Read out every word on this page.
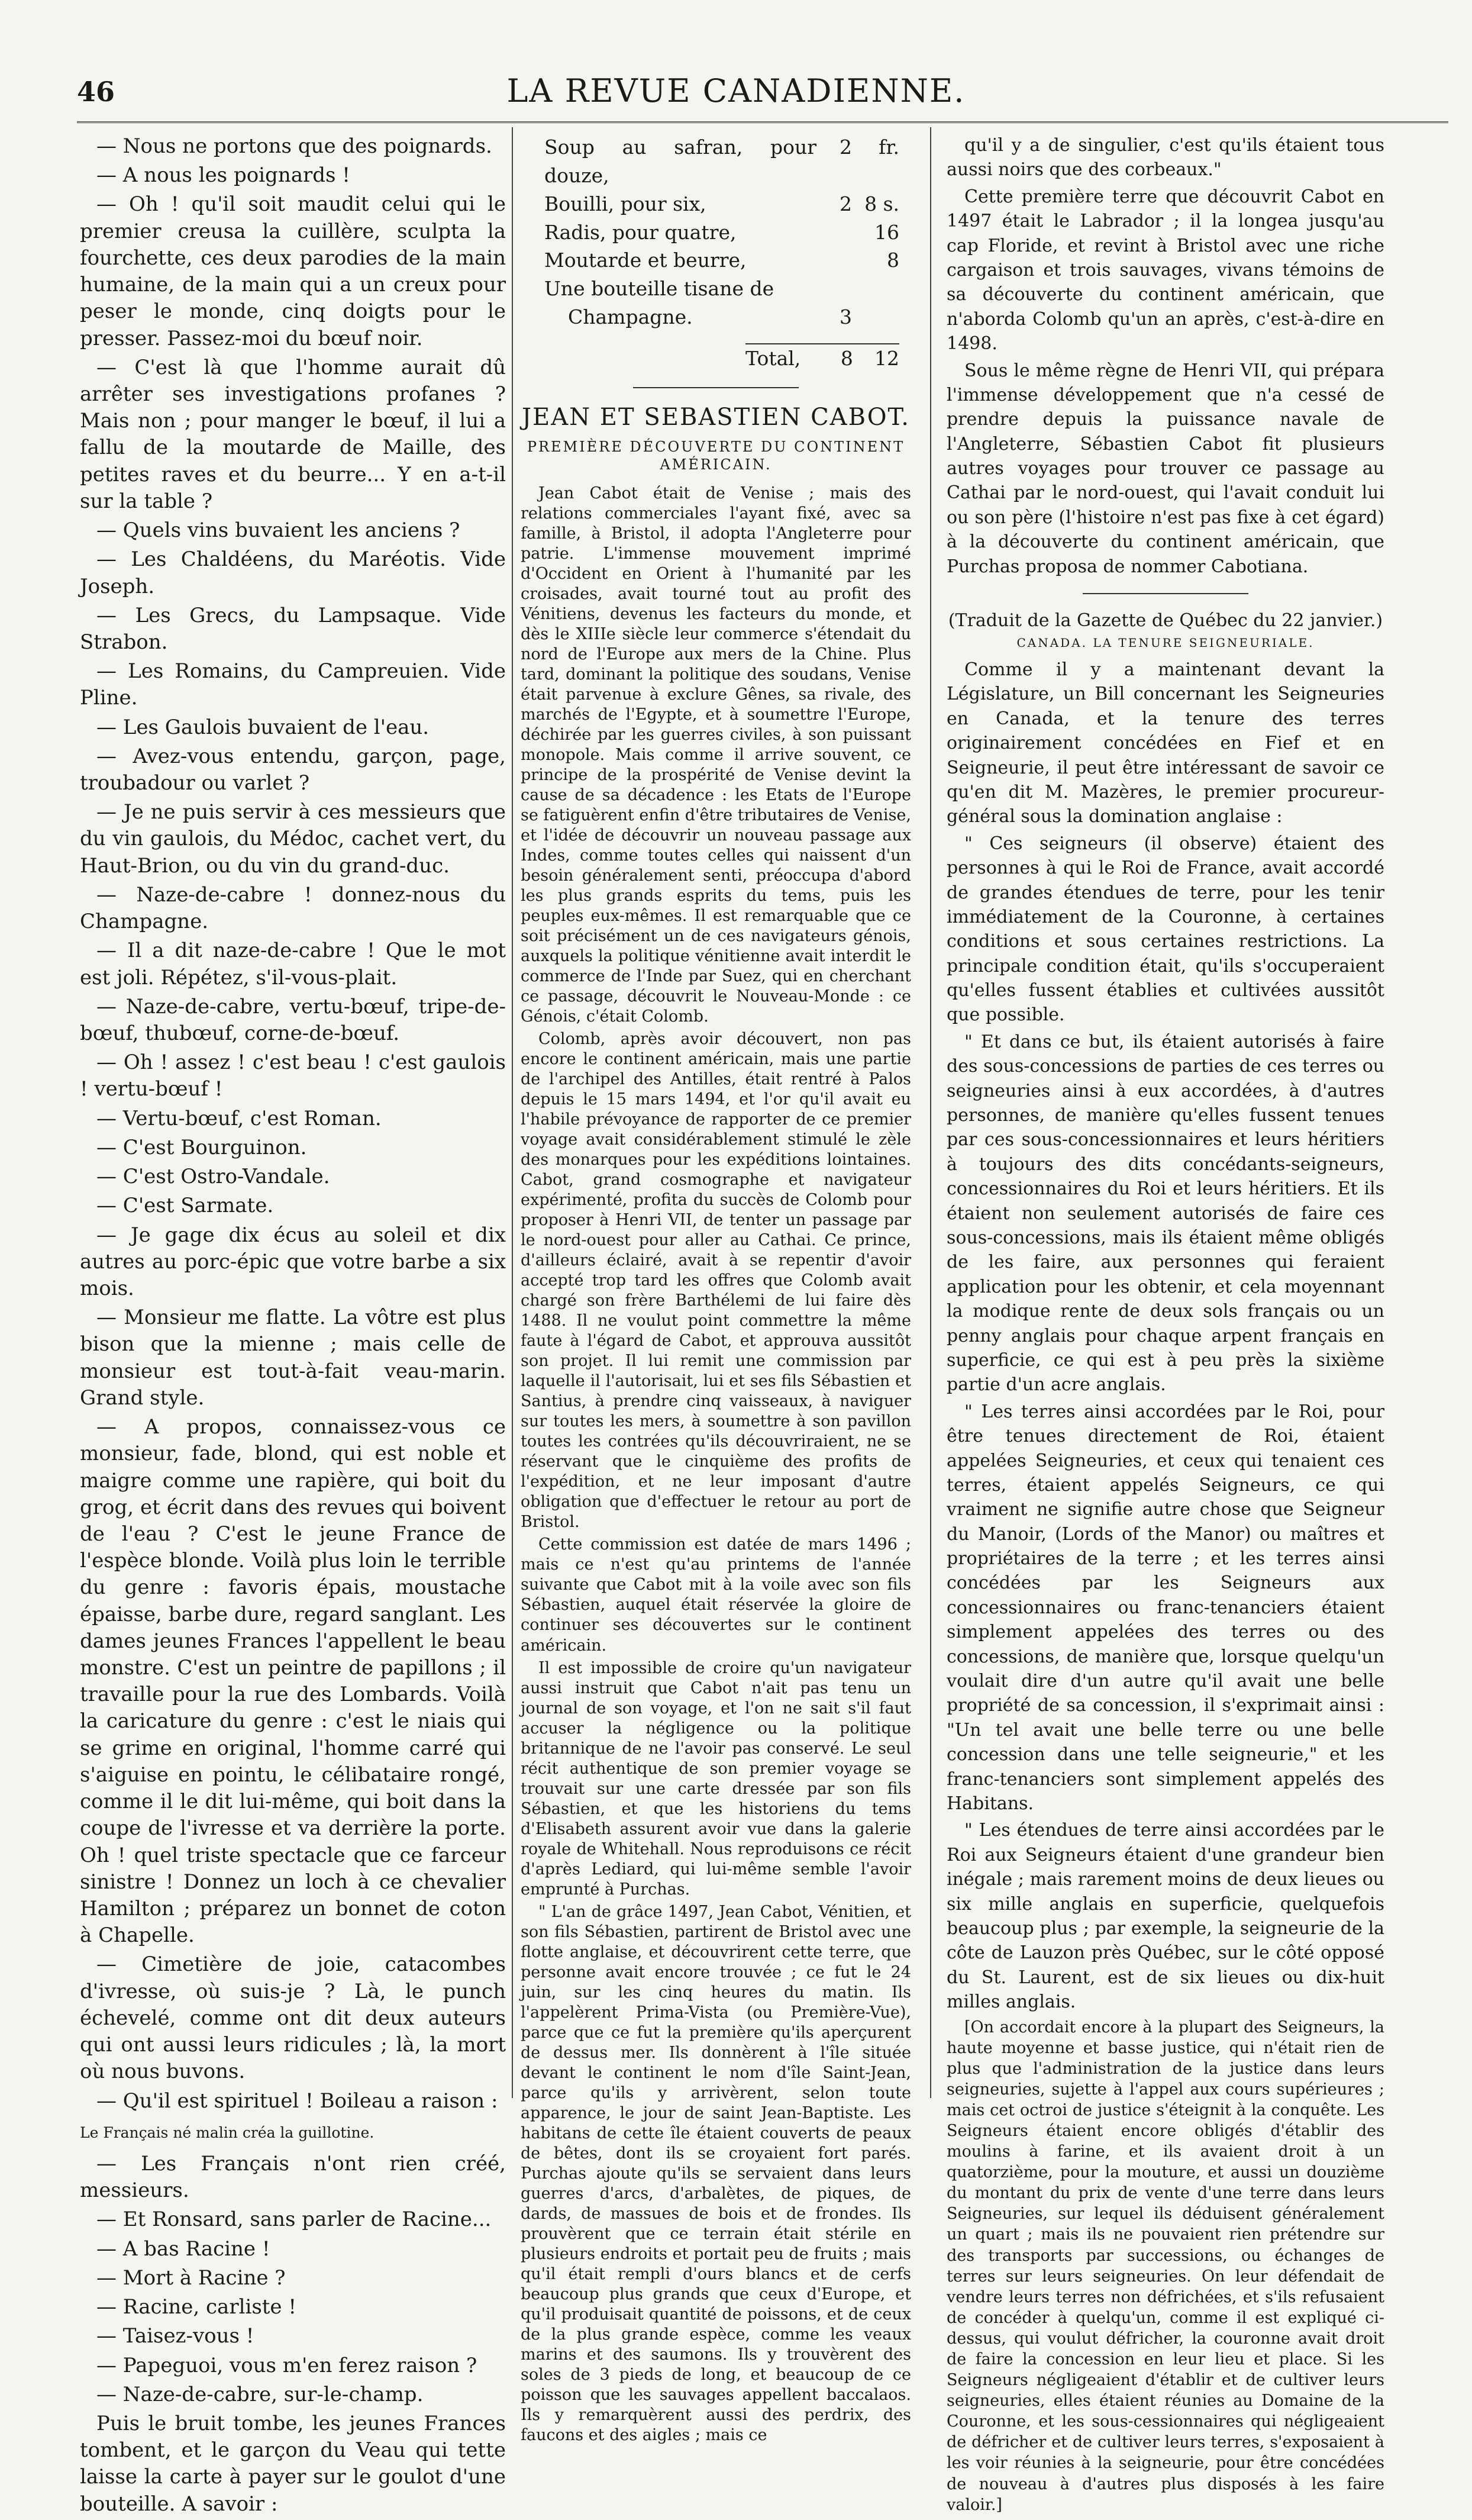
46	LA REVUE CANADIENNE.

— Nous ne portons que des poignards.

— A nous les poignards !

— Oh ! qu'il soit maudit celui qui le premier creusa la cuillère, sculpta la fourchette, ces deux parodies de la main humaine, de la main qui a un creux pour peser le monde, cinq doigts pour le presser. Passez-moi du bœuf noir.

— C'est là que l'homme aurait dû arrêter ses investigations profanes ? Mais non ; pour manger le bœuf, il lui a fallu de la moutarde de Maille, des petites raves et du beurre... Y en a-t-il sur la table ?

— Quels vins buvaient les anciens ?

— Les Chaldéens, du Maréotis. Vide Joseph.

— Les Grecs, du Lampsaque. Vide Strabon.

— Les Romains, du Campreuien. Vide Pline.

— Les Gaulois buvaient de l'eau.

— Avez-vous entendu, garçon, page, troubadour ou varlet ?

— Je ne puis servir à ces messieurs que du vin gaulois, du Médoc, cachet vert, du Haut-Brion, ou du vin du grand-duc.

— Naze-de-cabre ! donnez-nous du Champagne.

— Il a dit naze-de-cabre ! Que le mot est joli. Répétez, s'il-vous-plait.

— Naze-de-cabre, vertu-bœuf, tripe-de-bœuf, thubœuf, corne-de-bœuf.

— Oh ! assez ! c'est beau ! c'est gaulois ! vertu-bœuf !

— Vertu-bœuf, c'est Roman.

— C'est Bourguinon.

— C'est Ostro-Vandale.

— C'est Sarmate.

— Je gage dix écus au soleil et dix autres au porc-épic que votre barbe a six mois.

— Monsieur me flatte. La vôtre est plus bison que la mienne ; mais celle de monsieur est tout-à-fait veau-marin. Grand style.

— A propos, connaissez-vous ce monsieur, fade, blond, qui est noble et maigre comme une rapière, qui boit du grog, et écrit dans des revues qui boivent de l'eau ? C'est le jeune France de l'espèce blonde. Voilà plus loin le terrible du genre : favoris épais, moustache épaisse, barbe dure, regard sanglant. Les dames jeunes Frances l'appellent le beau monstre. C'est un peintre de papillons ; il travaille pour la rue des Lombards. Voilà la caricature du genre : c'est le niais qui se grime en original, l'homme carré qui s'aiguise en pointu, le célibataire rongé, comme il le dit lui-même, qui boit dans la coupe de l'ivresse et va derrière la porte. Oh ! quel triste spectacle que ce farceur sinistre ! Donnez un loch à ce chevalier Hamilton ; préparez un bonnet de coton à Chapelle.

— Cimetière de joie, catacombes d'ivresse, où suis-je ? Là, le punch échevelé, comme ont dit deux auteurs qui ont aussi leurs ridicules ; là, la mort où nous buvons.

— Qu'il est spirituel ! Boileau a raison :

Le Français né malin créa la guillotine.

— Les Français n'ont rien créé, messieurs.

— Et Ronsard, sans parler de Racine...

— A bas Racine !

— Mort à Racine ?

— Racine, carliste !

— Taisez-vous !

— Papeguoi, vous m'en ferez raison ?

— Naze-de-cabre, sur-le-champ.

Puis le bruit tombe, les jeunes Frances tombent, et le garçon du Veau qui tette laisse la carte à payer sur le goulot d'une bouteille. A savoir :

Soup au safran, pour douze,
2	fr.
Bouilli, pour six,	2 8 s.
Radis, pour quatre,	16
Moutarde et beurre,	8
Une bouteille tisane de
Champagne.	3
Total,	8	12
JEAN ET SEBASTIEN CABOT.
PREMIÈRE DÉCOUVERTE DU CONTINENT AMÉRICAIN.

Jean Cabot était de Venise ; mais des relations commerciales l'ayant fixé, avec sa famille, à Bristol, il adopta l'Angleterre pour patrie. L'immense mouvement imprimé d'Occident en Orient à l'humanité par les croisades, avait tourné tout au profit des Vénitiens, devenus les facteurs du monde, et dès le XIIIe siècle leur commerce s'étendait du nord de l'Europe aux mers de la Chine. Plus tard, dominant la politique des soudans, Venise était parvenue à exclure Gênes, sa rivale, des marchés de l'Egypte, et à soumettre l'Europe, déchirée par les guerres civiles, à son puissant monopole. Mais comme il arrive souvent, ce principe de la prospérité de Venise devint la cause de sa décadence : les Etats de l'Europe se fatiguèrent enfin d'être tributaires de Venise, et l'idée de découvrir un nouveau passage aux Indes, comme toutes celles qui naissent d'un besoin généralement senti, préoccupa d'abord les plus grands esprits du tems, puis les peuples eux-mêmes. Il est remarquable que ce soit précisément un de ces navigateurs génois, auxquels la politique vénitienne avait interdit le commerce de l'Inde par Suez, qui en cherchant ce passage, découvrit le Nouveau-Monde : ce Génois, c'était Colomb.

Colomb, après avoir découvert, non pas encore le continent américain, mais une partie de l'archipel des Antilles, était rentré à Palos depuis le 15 mars 1494, et l'or qu'il avait eu l'habile prévoyance de rapporter de ce premier voyage avait considérablement stimulé le zèle des monarques pour les expéditions lointaines. Cabot, grand cosmographe et navigateur expérimenté, profita du succès de Colomb pour proposer à Henri VII, de tenter un passage par le nord-ouest pour aller au Cathai. Ce prince, d'ailleurs éclairé, avait à se repentir d'avoir accepté trop tard les offres que Colomb avait chargé son frère Barthélemi de lui faire dès 1488. Il ne voulut point commettre la même faute à l'égard de Cabot, et approuva aussitôt son projet. Il lui remit une commission par laquelle il l'autorisait, lui et ses fils Sébastien et Santius, à prendre cinq vaisseaux, à naviguer sur toutes les mers, à soumettre à son pavillon toutes les contrées qu'ils découvriraient, ne se réservant que le cinquième des profits de l'expédition, et ne leur imposant d'autre obligation que d'effectuer le retour au port de Bristol.

Cette commission est datée de mars 1496 ; mais ce n'est qu'au printems de l'année suivante que Cabot mit à la voile avec son fils Sébastien, auquel était réservée la gloire de continuer ses découvertes sur le continent américain.

Il est impossible de croire qu'un navigateur aussi instruit que Cabot n'ait pas tenu un journal de son voyage, et l'on ne sait s'il faut accuser la négligence ou la politique britannique de ne l'avoir pas conservé. Le seul récit authentique de son premier voyage se trouvait sur une carte dressée par son fils Sébastien, et que les historiens du tems d'Elisabeth assurent avoir vue dans la galerie royale de Whitehall. Nous reproduisons ce récit d'après Lediard, qui lui-même semble l'avoir emprunté à Purchas.

" L'an de grâce 1497, Jean Cabot, Vénitien, et son fils Sébastien, partirent de Bristol avec une flotte anglaise, et découvrirent cette terre, que personne avait encore trouvée ; ce fut le 24 juin, sur les cinq heures du matin. Ils l'appelèrent Prima-Vista (ou Première-Vue), parce que ce fut la première qu'ils aperçurent de dessus mer. Ils donnèrent à l'île située devant le continent le nom d'île Saint-Jean, parce qu'ils y arrivèrent, selon toute apparence, le jour de saint Jean-Baptiste. Les habitans de cette île étaient couverts de peaux de bêtes, dont ils se croyaient fort parés. Purchas ajoute qu'ils se servaient dans leurs guerres d'arcs, d'arbalètes, de piques, de dards, de massues de bois et de frondes. Ils prouvèrent que ce terrain était stérile en plusieurs endroits et portait peu de fruits ; mais qu'il était rempli d'ours blancs et de cerfs beaucoup plus grands que ceux d'Europe, et qu'il produisait quantité de poissons, et de ceux de la plus grande espèce, comme les veaux marins et des saumons. Ils y trouvèrent des soles de 3 pieds de long, et beaucoup de ce poisson que les sauvages appellent baccalaos. Ils y remarquèrent aussi des perdrix, des faucons et des aigles ; mais ce

qu'il y a de singulier, c'est qu'ils étaient tous aussi noirs que des corbeaux."

Cette première terre que découvrit Cabot en 1497 était le Labrador ; il la longea jusqu'au cap Floride, et revint à Bristol avec une riche cargaison et trois sauvages, vivans témoins de sa découverte du continent américain, que n'aborda Colomb qu'un an après, c'est-à-dire en 1498.

Sous le même règne de Henri VII, qui prépara l'immense développement que n'a cessé de prendre depuis la puissance navale de l'Angleterre, Sébastien Cabot fit plusieurs autres voyages pour trouver ce passage au Cathai par le nord-ouest, qui l'avait conduit lui ou son père (l'histoire n'est pas fixe à cet égard) à la découverte du continent américain, que Purchas proposa de nommer Cabotiana.

(Traduit de la Gazette de Québec du 22 janvier.)
CANADA. LA TENURE SEIGNEURIALE.

Comme il y a maintenant devant la Législature, un Bill concernant les Seigneuries en Canada, et la tenure des terres originairement concédées en Fief et en Seigneurie, il peut être intéressant de savoir ce qu'en dit M. Mazères, le premier procureur-général sous la domination anglaise :

" Ces seigneurs (il observe) étaient des personnes à qui le Roi de France, avait accordé de grandes étendues de terre, pour les tenir immédiatement de la Couronne, à certaines conditions et sous certaines restrictions. La principale condition était, qu'ils s'occuperaient qu'elles fussent établies et cultivées aussitôt que possible.

" Et dans ce but, ils étaient autorisés à faire des sous-concessions de parties de ces terres ou seigneuries ainsi à eux accordées, à d'autres personnes, de manière qu'elles fussent tenues par ces sous-concessionnaires et leurs héritiers à toujours des dits concédants-seigneurs, concessionnaires du Roi et leurs héritiers. Et ils étaient non seulement autorisés de faire ces sous-concessions, mais ils étaient même obligés de les faire, aux personnes qui feraient application pour les obtenir, et cela moyennant la modique rente de deux sols français ou un penny anglais pour chaque arpent français en superficie, ce qui est à peu près la sixième partie d'un acre anglais.

" Les terres ainsi accordées par le Roi, pour être tenues directement de Roi, étaient appelées Seigneuries, et ceux qui tenaient ces terres, étaient appelés Seigneurs, ce qui vraiment ne signifie autre chose que Seigneur du Manoir, (Lords of the Manor) ou maîtres et propriétaires de la terre ; et les terres ainsi concédées par les Seigneurs aux concessionnaires ou franc-tenanciers étaient simplement appelées des terres ou des concessions, de manière que, lorsque quelqu'un voulait dire d'un autre qu'il avait une belle propriété de sa concession, il s'exprimait ainsi : "Un tel avait une belle terre ou une belle concession dans une telle seigneurie," et les franc-tenanciers sont simplement appelés des Habitans.

" Les étendues de terre ainsi accordées par le Roi aux Seigneurs étaient d'une grandeur bien inégale ; mais rarement moins de deux lieues ou six mille anglais en superficie, quelquefois beaucoup plus ; par exemple, la seigneurie de la côte de Lauzon près Québec, sur le côté opposé du St. Laurent, est de six lieues ou dix-huit milles anglais.

[On accordait encore à la plupart des Seigneurs, la haute moyenne et basse justice, qui n'était rien de plus que l'administration de la justice dans leurs seigneuries, sujette à l'appel aux cours supérieures ; mais cet octroi de justice s'éteignit à la conquête. Les Seigneurs étaient encore obligés d'établir des moulins à farine, et ils avaient droit à un quatorzième, pour la mouture, et aussi un douzième du montant du prix de vente d'une terre dans leurs Seigneuries, sur lequel ils déduisent généralement un quart ; mais ils ne pouvaient rien prétendre sur des transports par successions, ou échanges de terres sur leurs seigneuries. On leur défendait de vendre leurs terres non défrichées, et s'ils refusaient de concéder à quelqu'un, comme il est expliqué ci-dessus, qui voulut défricher, la couronne avait droit de faire la concession en leur lieu et place. Si les Seigneurs négligeaient d'établir et de cultiver leurs seigneuries, elles étaient réunies au Domaine de la Couronne, et les sous-cessionnaires qui négligeaient de défricher et de cultiver leurs terres, s'exposaient à les voir réunies à la seigneurie, pour être concédées de nouveau à d'autres plus disposés à les faire valoir.]
